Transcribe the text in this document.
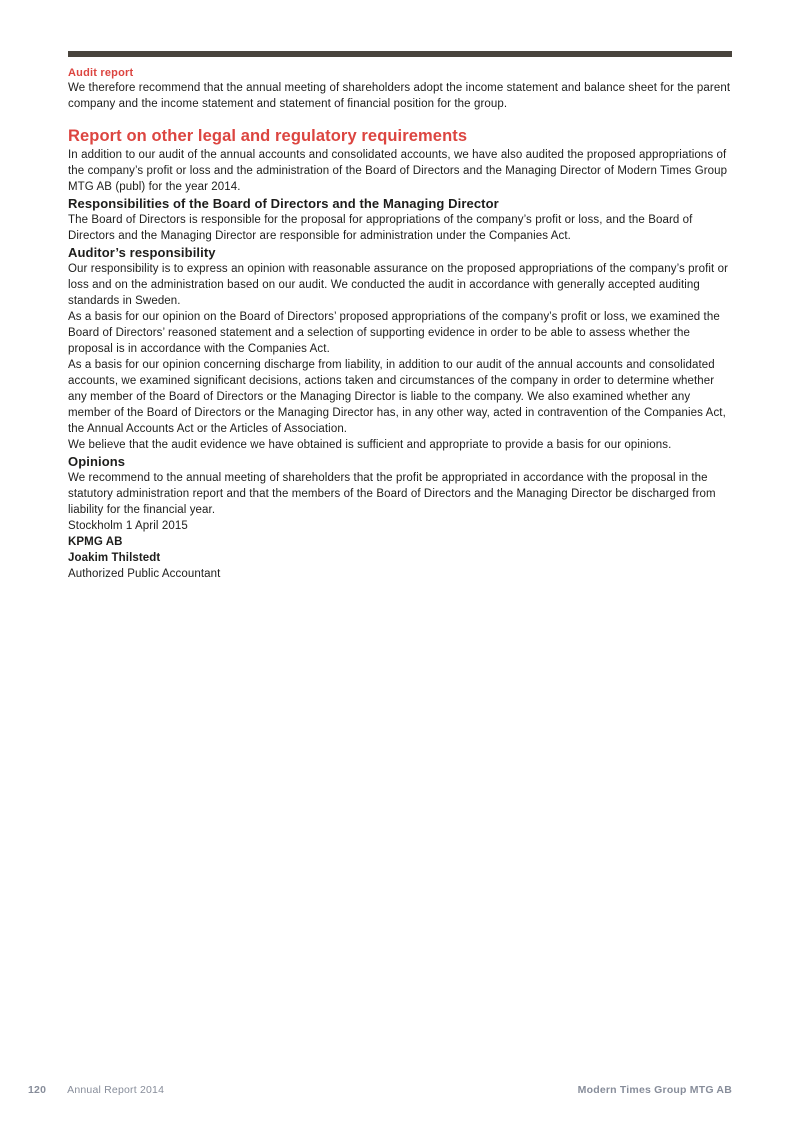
Audit report

We therefore recommend that the annual meeting of shareholders adopt the income statement and balance sheet for the parent company and the income statement and statement of financial position for the group.

Report on other legal and regulatory requirements

In addition to our audit of the annual accounts and consolidated accounts, we have also audited the proposed appropriations of the company’s profit or loss and the administration of the Board of Directors and the Managing Director of Modern Times Group MTG AB (publ) for the year 2014.

Responsibilities of the Board of Directors and the Managing Director

The Board of Directors is responsible for the proposal for appropriations of the company’s profit or loss, and the Board of Directors and the Managing Director are responsible for administration under the Companies Act.

Auditor’s responsibility

Our responsibility is to express an opinion with reasonable assurance on the proposed appropriations of the company’s profit or loss and on the administration based on our audit. We conducted the audit in accordance with generally accepted auditing standards in Sweden.

As a basis for our opinion on the Board of Directors’ proposed appropriations of the company’s profit or loss, we examined the Board of Directors’ reasoned statement and a selection of supporting evidence in order to be able to assess whether the proposal is in accordance with the Companies Act.

As a basis for our opinion concerning discharge from liability, in addition to our audit of the annual accounts and consolidated accounts, we examined significant decisions, actions taken and circumstances of the company in order to determine whether any member of the Board of Directors or the Managing Director is liable to the company. We also examined whether any member of the Board of Directors or the Managing Director has, in any other way, acted in contravention of the Companies Act, the Annual Accounts Act or the Articles of Association.

We believe that the audit evidence we have obtained is sufficient and appropriate to provide a basis for our opinions.

Opinions

We recommend to the annual meeting of shareholders that the profit be appropriated in accordance with the proposal in the statutory administration report and that the members of the Board of Directors and the Managing Director be discharged from liability for the financial year.

Stockholm 1 April 2015

KPMG AB

Joakim Thilstedt

Authorized Public Accountant

120 Annual Report 2014	Modern Times Group MTG AB
